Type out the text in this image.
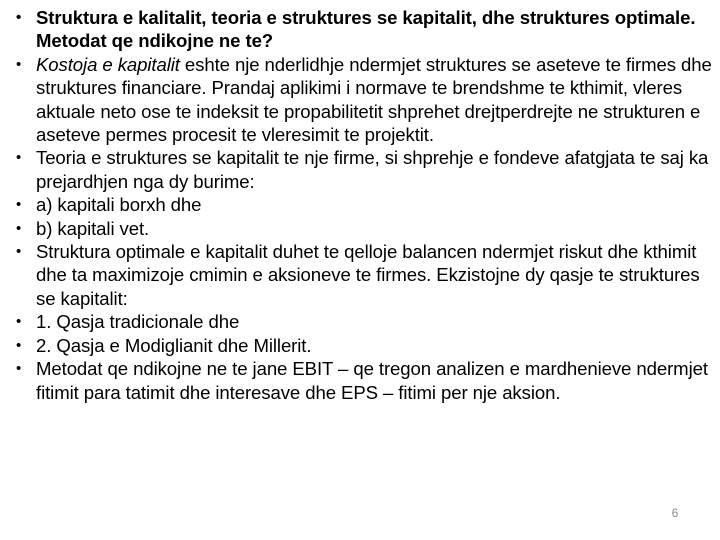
• Struktura e kalitalit, teoria e struktures se kapitalit, dhe struktures optimale. Metodat qe ndikojne ne te?
• Kostoja e kapitalit eshte nje nderlidhje ndermjet struktures se aseteve te firmes dhe struktures financiare. Prandaj aplikimi i normave te brendshme te kthimit, vleres aktuale neto ose te indeksit te propabilitetit shprehet drejtperdrejte ne strukturen e aseteve permes procesit te vleresimit te projektit.
• Teoria e struktures se kapitalit te nje firme, si shprehje e fondeve afatgjata te saj ka prejardhjen nga dy burime:
• a) kapitali borxh dhe
• b) kapitali vet.
• Struktura optimale e kapitalit duhet te qelloje balancen ndermjet riskut dhe kthimit dhe ta maximizoje cmimin e aksioneve te firmes. Ekzistojne dy qasje te struktures se kapitalit:
• 1. Qasja tradicionale dhe
• 2. Qasja e Modiglianit dhe Millerit.
• Metodat qe ndikojne ne te jane EBIT – qe tregon analizen e mardhenieve ndermjet fitimit para tatimit dhe interesave dhe EPS – fitimi per nje aksion.
6
